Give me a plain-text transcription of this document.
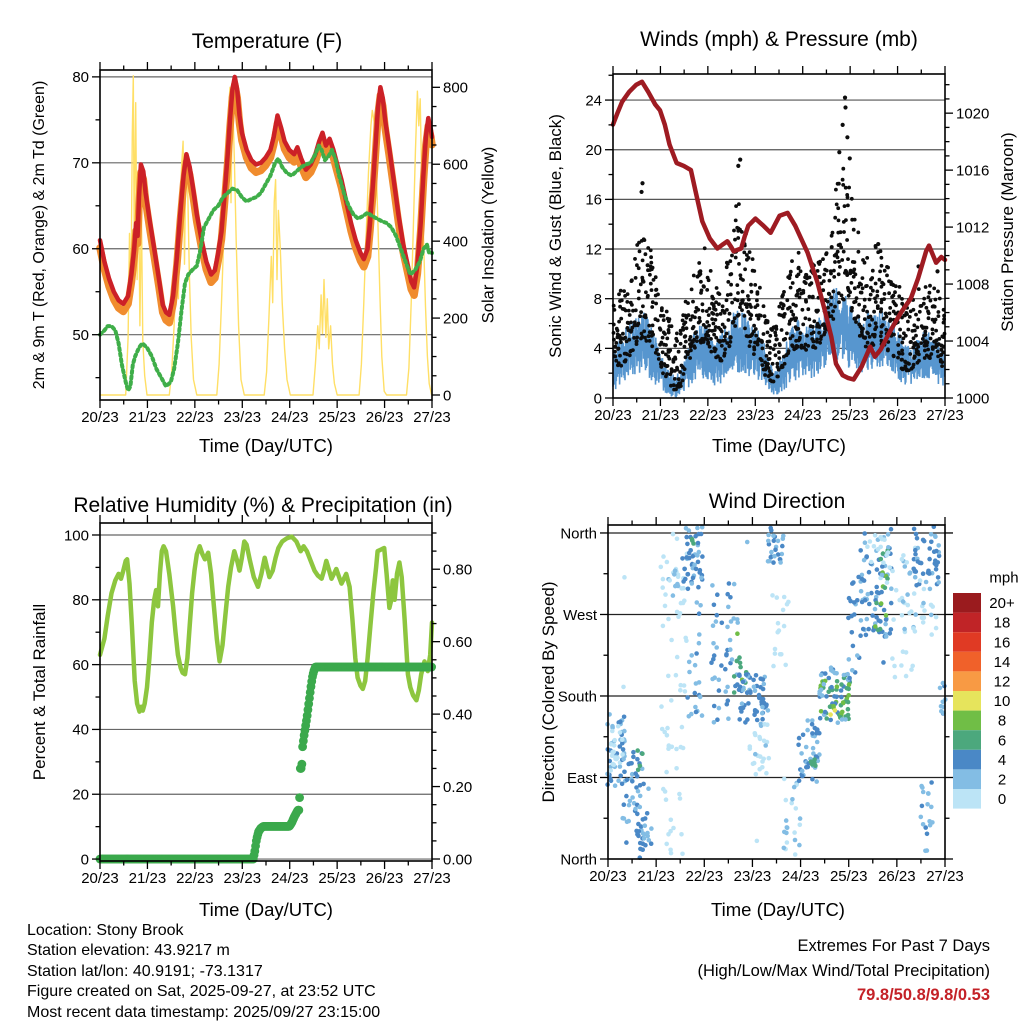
20/23 21/23 22/23 23/23 24/23 25/23 26/23 27/23
50
60
70
80
0
200
400
600
800
20/23 21/23 22/23 23/23 24/23 25/23 26/23 27/23
0
4
8
12
16
20
24
1000
1004
1008
1012
1016
1020
20/23 21/23 22/23 23/23 24/23 25/23 26/23 27/23
0
20
40
60
80
100
0.00
0.20
0.40
0.60
0.80
20/23 21/23 22/23 23/23 24/23 25/23 26/23 27/23
North
West
South
East
North
20+
18
16
14
12
10
8
6
4
2
0
Temperature (F)	Winds (mph) & Pressure (mb)
Relative Humidity (%) & Precipitation (in)	Wind Direction
Time (Day/UTC)	Time (Day/UTC)
Time (Day/UTC)	Time (Day/UTC)
2m & 9m T (Red, Orange) & 2m Td (Green)	Solar Insolation (Yellow)	Sonic Wind & Gust (Blue, Black)	Station Pressure (Maroon)
Percent & Total Rainfall	Direction (Colored By Speed)
mph
Extremes For Past 7 Days
(High/Low/Max Wind/Total Precipitation)
79.8/50.8/9.8/0.53
Location: Stony Brook
Station elevation: 43.9217 m
Station lat/lon: 40.9191; -73.1317
Figure created on Sat, 2025-09-27, at 23:52 UTC
Most recent data timestamp: 2025/09/27 23:15:00
